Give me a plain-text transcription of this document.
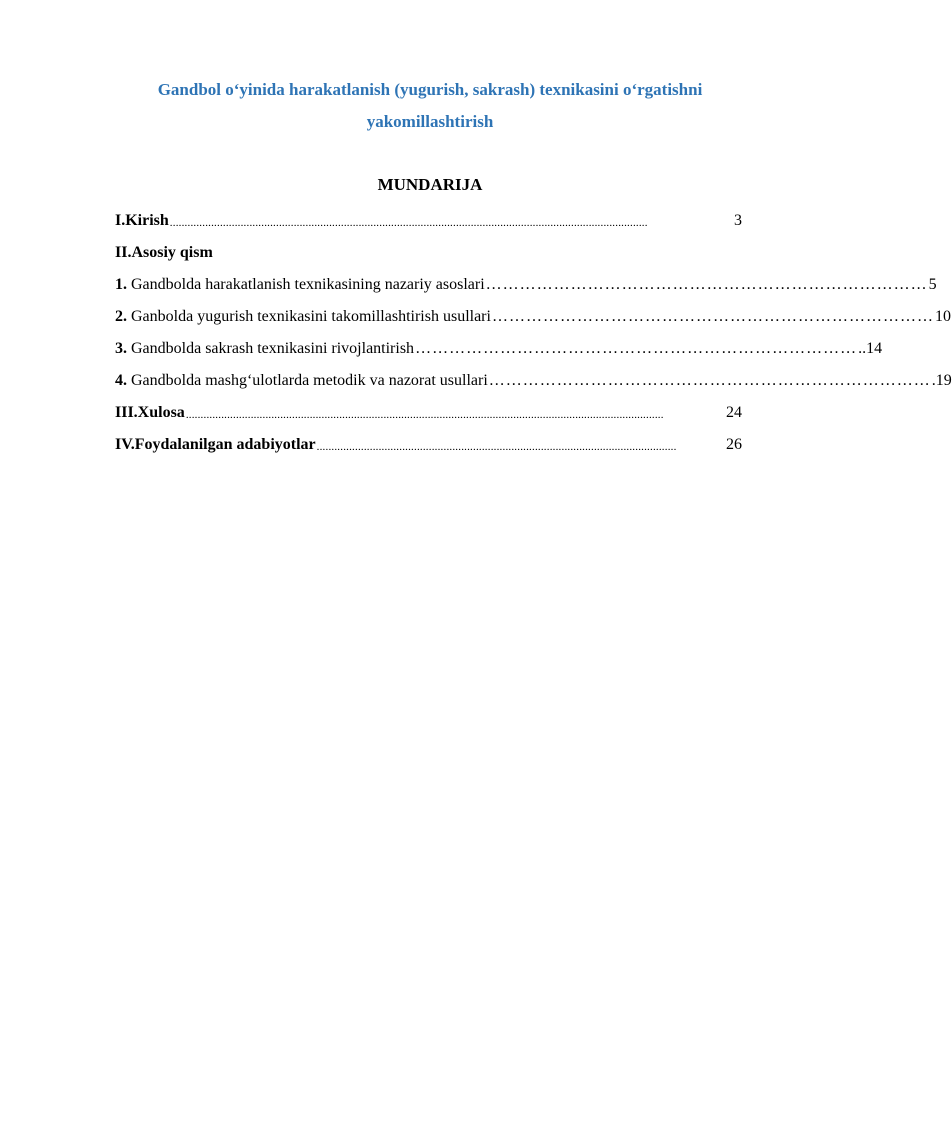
Gandbol o‘yinida harakatlanish (yugurish, sakrash) texnikasini o‘rgatishni yakomillashtirish
MUNDARIJA
I.Kirish ..................................................................................................................................................................	3
II.Asosiy qism
1. Gandbolda harakatlanish texnikasining nazariy asoslari …………………………………………………………………… 5
2. Ganbolda yugurish texnikasini takomillashtirish usullari …………………………………………………………………… 10
3. Gandbolda sakrash texnikasini rivojlantirish …………………………………………………………………… ..14
4. Gandbolda mashg‘ulotlarda metodik va nazorat usullari …………………………………………………………………… .19
III.Xulosa ..................................................................................................................................................................	24
IV.Foydalanilgan adabiyotlar ..........................................................................................................................	26
